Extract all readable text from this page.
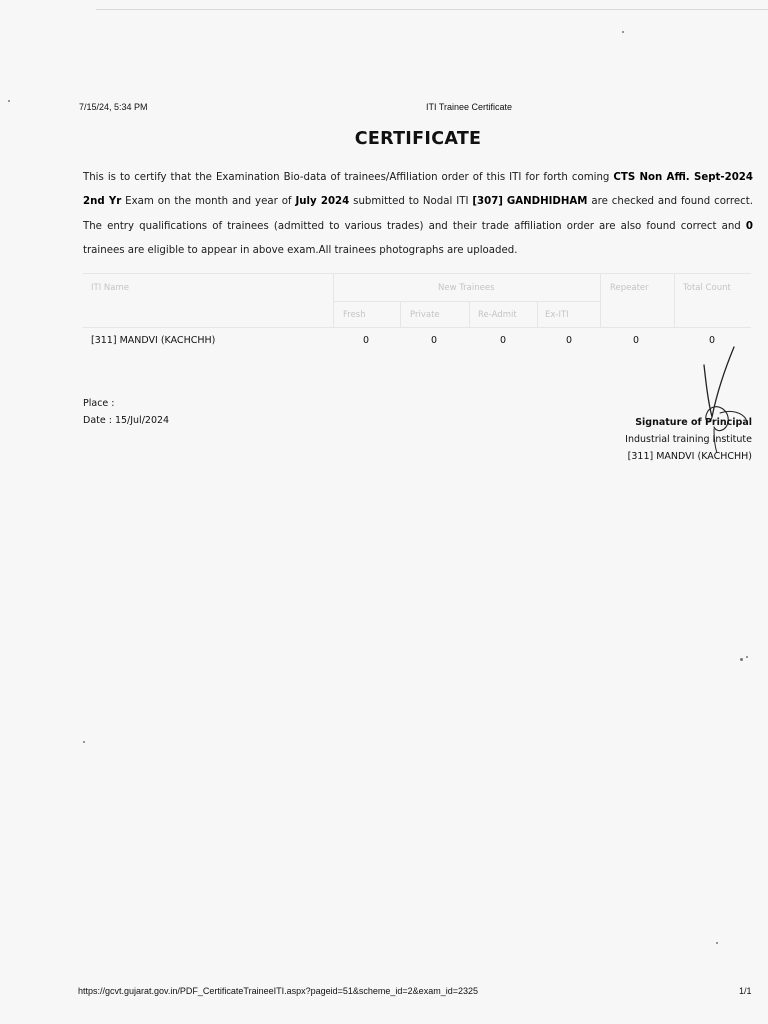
7/15/24, 5:34 PM	ITI Trainee Certificate
CERTIFICATE
This is to certify that the Examination Bio-data of trainees/Affiliation order of this ITI for forth coming CTS Non Affi. Sept-2024 2nd Yr Exam on the month and year of July 2024 submitted to Nodal ITI [307] GANDHIDHAM are checked and found correct. The entry qualifications of trainees (admitted to various trades) and their trade affiliation order are also found correct and 0 trainees are eligible to appear in above exam.All trainees photographs are uploaded.
ITI Name	New Trainees	Repeater	Total Count
Fresh	Private	Re-Admit	Ex-ITI
[311] MANDVI (KACHCHH)	0	0	0	0	0	0
Place :
Date : 15/Jul/2024	Signature of Principal
Industrial training Institute
[311] MANDVI (KACHCHH)
https://gcvt.gujarat.gov.in/PDF_CertificateTraineeITI.aspx?pageid=51&scheme_id=2&exam_id=2325	1/1
